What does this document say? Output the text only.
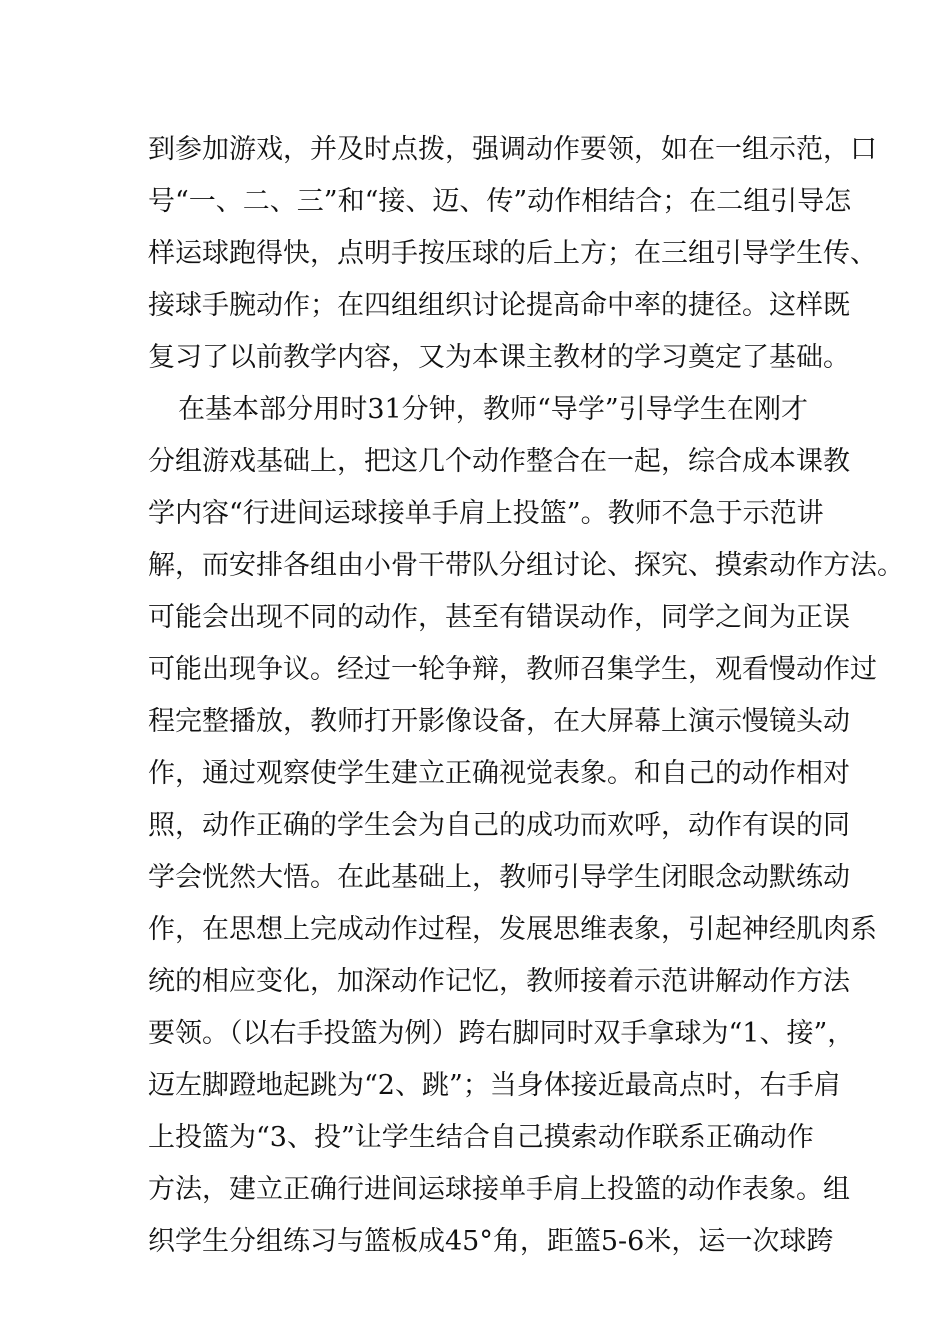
到参加游戏，并及时点拨，强调动作要领，如在一组示范，口
号“一、二、三”和“接、迈、传”动作相结合；在二组引导怎
样运球跑得快，点明手按压球的后上方；在三组引导学生传、
接球手腕动作；在四组组织讨论提高命中率的捷径。这样既
复习了以前教学内容，又为本课主教材的学习奠定了基础。
在基本部分用时31分钟，教师“导学”引导学生在刚才
分组游戏基础上，把这几个动作整合在一起，综合成本课教
学内容“行进间运球接单手肩上投篮”。教师不急于示范讲
解，而安排各组由小骨干带队分组讨论、探究、摸索动作方法。
可能会出现不同的动作，甚至有错误动作，同学之间为正误
可能出现争议。经过一轮争辩，教师召集学生，观看慢动作过
程完整播放，教师打开影像设备，在大屏幕上演示慢镜头动
作，通过观察使学生建立正确视觉表象。和自己的动作相对
照，动作正确的学生会为自己的成功而欢呼，动作有误的同
学会恍然大悟。在此基础上，教师引导学生闭眼念动默练动
作，在思想上完成动作过程，发展思维表象，引起神经肌肉系
统的相应变化，加深动作记忆，教师接着示范讲解动作方法
要领。（以右手投篮为例）跨右脚同时双手拿球为“1、接”，
迈左脚蹬地起跳为“2、跳”；当身体接近最高点时，右手肩
上投篮为“3、投”让学生结合自己摸索动作联系正确动作
方法，建立正确行进间运球接单手肩上投篮的动作表象。组
织学生分组练习与篮板成45°角，距篮5-6米，运一次球跨
